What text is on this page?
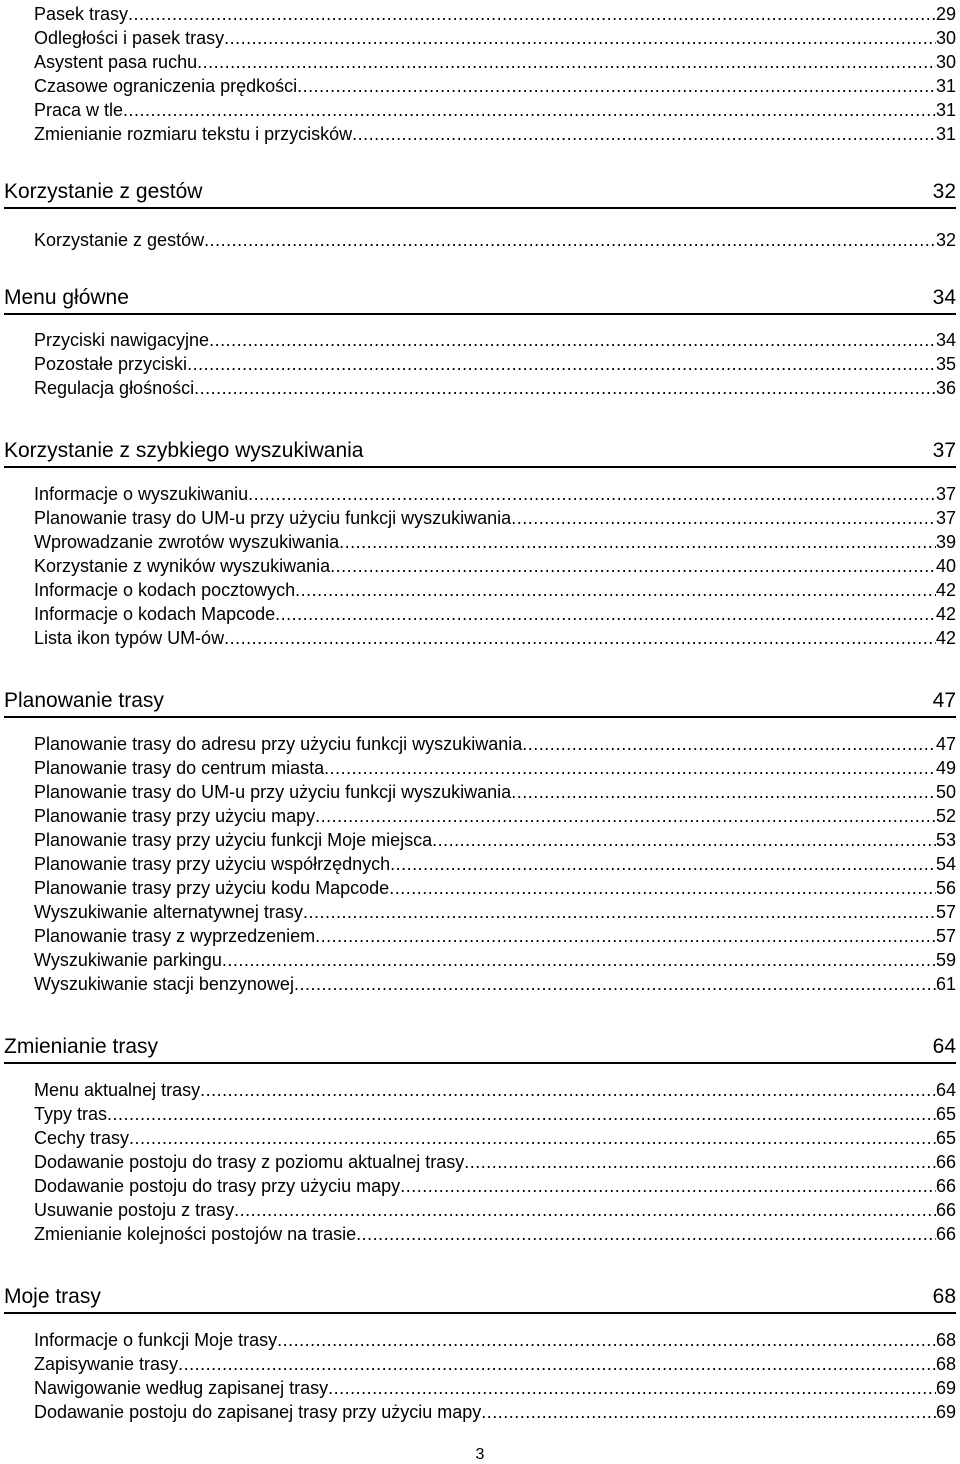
Pasek trasy .....	29
Odległości i pasek trasy .....	30
Asystent pasa ruchu .....	30
Czasowe ograniczenia prędkości .....	31
Praca w tle .....	31
Zmienianie rozmiaru tekstu i przycisków .....	31
Korzystanie z gestów	32
Korzystanie z gestów .....	32
Menu główne	34
Przyciski nawigacyjne .....	34
Pozostałe przyciski .....	35
Regulacja głośności .....	36
Korzystanie z szybkiego wyszukiwania	37
Informacje o wyszukiwaniu .....	37
Planowanie trasy do UM-u przy użyciu funkcji wyszukiwania .....	37
Wprowadzanie zwrotów wyszukiwania .....	39
Korzystanie z wyników wyszukiwania .....	40
Informacje o kodach pocztowych .....	42
Informacje o kodach Mapcode .....	42
Lista ikon typów UM-ów .....	42
Planowanie trasy	47
Planowanie trasy do adresu przy użyciu funkcji wyszukiwania .....	47
Planowanie trasy do centrum miasta .....	49
Planowanie trasy do UM-u przy użyciu funkcji wyszukiwania .....	50
Planowanie trasy przy użyciu mapy .....	52
Planowanie trasy przy użyciu funkcji Moje miejsca .....	53
Planowanie trasy przy użyciu współrzędnych .....	54
Planowanie trasy przy użyciu kodu Mapcode .....	56
Wyszukiwanie alternatywnej trasy .....	57
Planowanie trasy z wyprzedzeniem .....	57
Wyszukiwanie parkingu .....	59
Wyszukiwanie stacji benzynowej .....	61
Zmienianie trasy	64
Menu aktualnej trasy .....	64
Typy tras .....	65
Cechy trasy .....	65
Dodawanie postoju do trasy z poziomu aktualnej trasy .....	66
Dodawanie postoju do trasy przy użyciu mapy .....	66
Usuwanie postoju z trasy .....	66
Zmienianie kolejności postojów na trasie .....	66
Moje trasy	68
Informacje o funkcji Moje trasy .....	68
Zapisywanie trasy .....	68
Nawigowanie według zapisanej trasy .....	69
Dodawanie postoju do zapisanej trasy przy użyciu mapy .....	69
3
